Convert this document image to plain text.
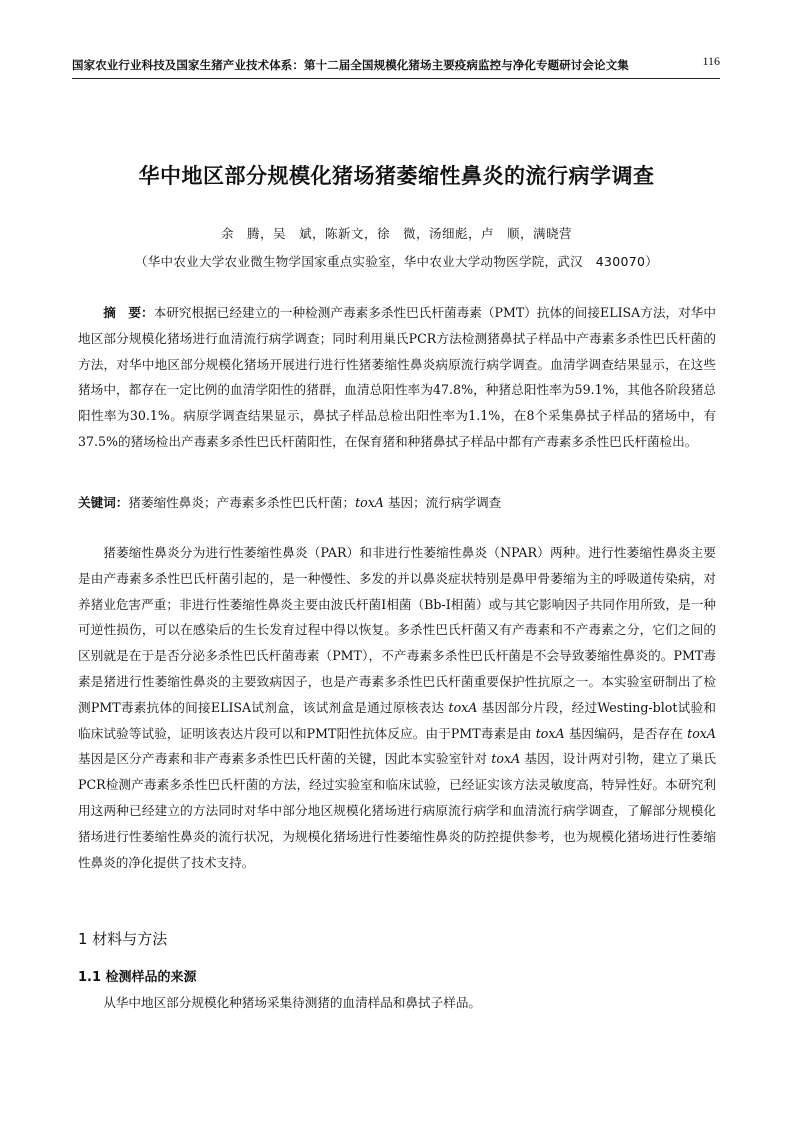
国家农业行业科技及国家生猪产业技术体系：第十二届全国规模化猪场主要疫病监控与净化专题研讨会论文集	116
华中地区部分规模化猪场猪萎缩性鼻炎的流行病学调查
余　腾，吴　斌，陈新文，徐　微，汤细彪，卢　顺，满晓营
（华中农业大学农业微生物学国家重点实验室，华中农业大学动物医学院，武汉　430070）
摘　要：本研究根据已经建立的一种检测产毒素多杀性巴氏杆菌毒素（PMT）抗体的间接ELISA方法，对华中地区部分规模化猪场进行血清流行病学调查；同时利用巢氏PCR方法检测猪鼻拭子样品中产毒素多杀性巴氏杆菌的方法，对华中地区部分规模化猪场开展进行进行性猪萎缩性鼻炎病原流行病学调查。血清学调查结果显示，在这些猪场中，都存在一定比例的血清学阳性的猪群，血清总阳性率为47.8%，种猪总阳性率为59.1%，其他各阶段猪总阳性率为30.1%。病原学调查结果显示，鼻拭子样品总检出阳性率为1.1%，在8个采集鼻拭子样品的猪场中，有37.5%的猪场检出产毒素多杀性巴氏杆菌阳性，在保育猪和种猪鼻拭子样品中都有产毒素多杀性巴氏杆菌检出。
关键词：猪萎缩性鼻炎；产毒素多杀性巴氏杆菌；toxA 基因；流行病学调查
猪萎缩性鼻炎分为进行性萎缩性鼻炎（PAR）和非进行性萎缩性鼻炎（NPAR）两种。进行性萎缩性鼻炎主要是由产毒素多杀性巴氏杆菌引起的，是一种慢性、多发的并以鼻炎症状特别是鼻甲骨萎缩为主的呼吸道传染病，对养猪业危害严重；非进行性萎缩性鼻炎主要由波氏杆菌Ⅰ相菌（Bb-Ⅰ相菌）或与其它影响因子共同作用所致，是一种可逆性损伤，可以在感染后的生长发育过程中得以恢复。多杀性巴氏杆菌又有产毒素和不产毒素之分，它们之间的区别就是在于是否分泌多杀性巴氏杆菌毒素（PMT），不产毒素多杀性巴氏杆菌是不会导致萎缩性鼻炎的。PMT毒素是猪进行性萎缩性鼻炎的主要致病因子，也是产毒素多杀性巴氏杆菌重要保护性抗原之一。本实验室研制出了检测PMT毒素抗体的间接ELISA试剂盒，该试剂盒是通过原核表达 toxA 基因部分片段，经过Westing-blot试验和临床试验等试验，证明该表达片段可以和PMT阳性抗体反应。由于PMT毒素是由 toxA 基因编码，是否存在 toxA 基因是区分产毒素和非产毒素多杀性巴氏杆菌的关键，因此本实验室针对 toxA 基因，设计两对引物，建立了巢氏PCR检测产毒素多杀性巴氏杆菌的方法，经过实验室和临床试验，已经证实该方法灵敏度高，特异性好。本研究利用这两种已经建立的方法同时对华中部分地区规模化猪场进行病原流行病学和血清流行病学调查，了解部分规模化猪场进行性萎缩性鼻炎的流行状况，为规模化猪场进行性萎缩性鼻炎的防控提供参考，也为规模化猪场进行性萎缩性鼻炎的净化提供了技术支持。
1 材料与方法
1.1 检测样品的来源
从华中地区部分规模化种猪场采集待测猪的血清样品和鼻拭子样品。
